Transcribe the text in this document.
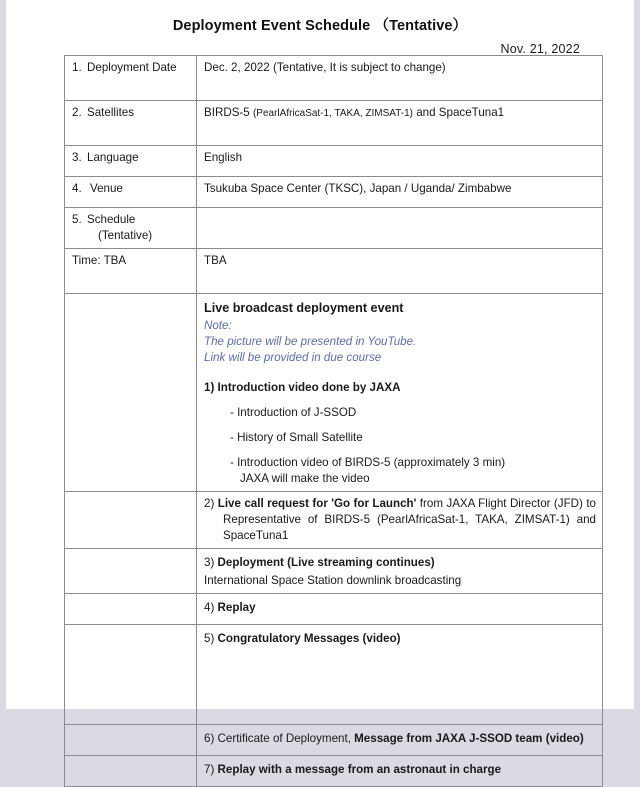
Deployment Event Schedule （Tentative）
Nov. 21, 2022
1. Deployment Date	Dec. 2, 2022 (Tentative, It is subject to change)
2. Satellites	BIRDS-5 (PearlAfricaSat-1, TAKA, ZIMSAT-1) and SpaceTuna1
3. Language	English
4. Venue	Tsukuba Space Center (TKSC), Japan / Uganda/ Zimbabwe
5. Schedule
(Tentative)	

Time: TBA	TBA

Live broadcast deployment event
Note:
The picture will be presented in YouTube.
Link will be provided in due course
1) Introduction video done by JAXA
- Introduction of J-SSOD
- History of Small Satellite
- Introduction video of BIRDS-5 (approximately 3 min)
JAXA will make the video

	2) Live call request for 'Go for Launch' from JAXA Flight Director (JFD) to Representative of BIRDS-5 (PearlAfricaSat-1, TAKA, ZIMSAT-1) and SpaceTuna1

	3) Deployment (Live streaming continues)
International Space Station downlink broadcasting

	4) Replay

	5) Congratulatory Messages (video)

	6) Certificate of Deployment, Message from JAXA J-SSOD team (video)

	7) Replay with a message from an astronaut in charge
